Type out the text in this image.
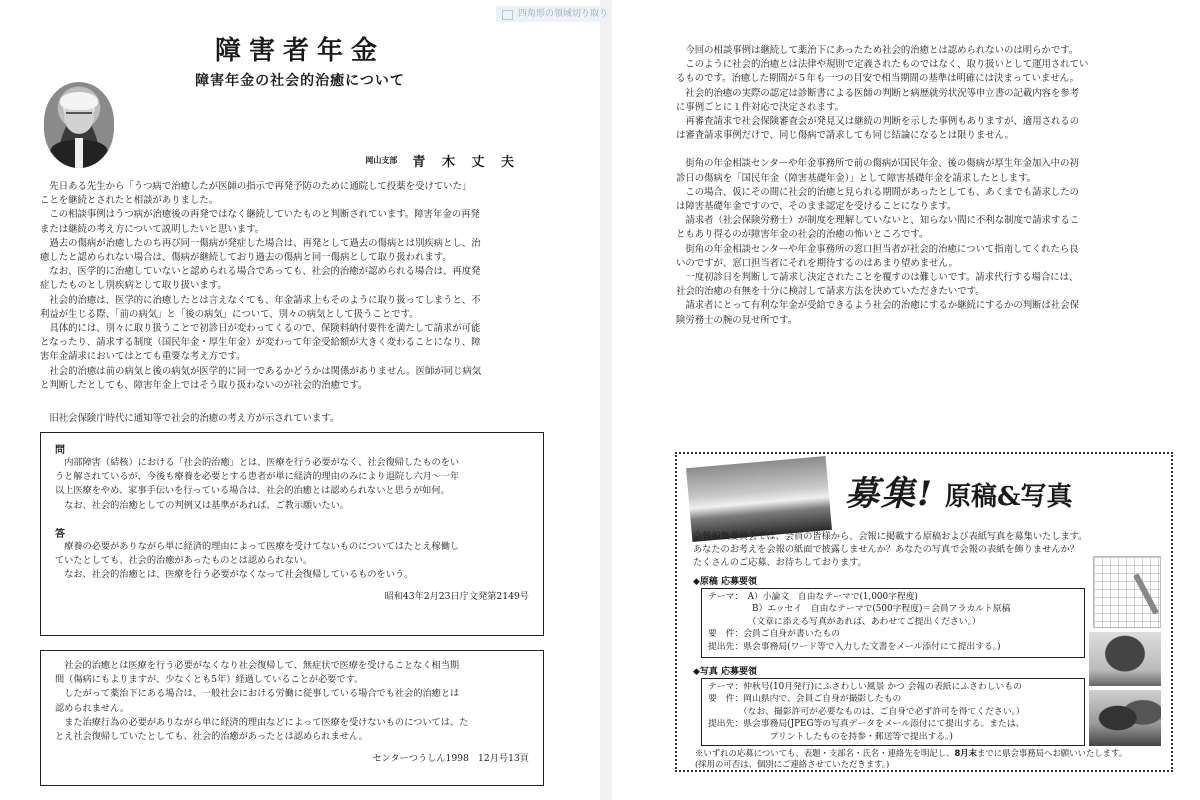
障害者年金
障害年金の社会的治癒について
岡山支部 青 木 丈 夫

先日ある先生から「うつ病で治癒したが医師の指示で再発予防のために通院して投薬を受けていた」

ことを継続とされたと相談がありました。

この相談事例はうつ病が治癒後の再発ではなく継続していたものと判断されています。障害年金の再発

または継続の考え方について説明したいと思います。

過去の傷病が治癒したのち再び同一傷病が発症した場合は、再発として過去の傷病とは別疾病とし、治

癒したと認められない場合は、傷病が継続しており過去の傷病と同一傷病として取り扱われます。

なお、医学的に治癒していないと認められる場合であっても、社会的治癒が認められる場合は、再度発

症したものとし別疾病として取り扱います。

社会的治癒は、医学的に治癒したとは言えなくても、年金請求上もそのように取り扱ってしまうと、不

利益が生じる際、「前の病気」と「後の病気」について、別々の病気として扱うことです。

具体的には、別々に取り扱うことで初診日が変わってくるので、保険料納付要件を満たして請求が可能

となったり、請求する制度（国民年金・厚生年金）が変わって年金受給額が大きく変わることになり、障

害年金請求においてはとても重要な考え方です。

社会的治癒は前の病気と後の病気が医学的に同一であるかどうかは関係がありません。医師が同じ病気

と判断したとしても、障害年金上ではそう取り扱わないのが社会的治癒です。

旧社会保険庁時代に通知等で社会的治癒の考え方が示されています。

問

内部障害（結核）における「社会的治癒」とは、医療を行う必要がなく、社会復帰したものをい

うと解されているが、今後も療養を必要とする患者が単に経済的理由のみにより退院し六月～一年

以上医療をやめ、家事手伝いを行っている場合は、社会的治癒とは認められないと思うが如何。

なお、社会的治癒としての判例又は基準があれば、ご教示願いたい。

答

療養の必要がありながら単に経済的理由によって医療を受けてないものについてはたとえ稼働し

ていたとしても、社会的治癒があったものとは認められない。

なお、社会的治癒とは、医療を行う必要がなくなって社会復帰しているものをいう。

昭和43年2月23日庁文発第2149号

社会的治癒とは医療を行う必要がなくなり社会復帰して、無症状で医療を受けることなく相当期

間（傷病にもよりますが、少なくとも5年）経過していることが必要です。

したがって薬治下にある場合は、一般社会における労働に従事している場合でも社会的治癒とは

認められません。

また治療行為の必要がありながら単に経済的理由などによって医療を受けないものについては、た

とえ社会復帰していたとしても、社会的治癒があったとは認められません。

センターつうしん1998　12月号13頁

四角形の領域切り取り

今回の相談事例は継続して薬治下にあったため社会的治癒とは認められないのは明らかです。

このように社会的治癒とは法律や規則で定義されたものではなく、取り扱いとして運用されてい

るものです。治癒した期間が５年も一つの目安で相当期間の基準は明確には決まっていません。

社会的治癒の実際の認定は診断書による医師の判断と病歴就労状況等申立書の記載内容を参考

に事例ごとに１件対応で決定されます。

再審査請求で社会保険審査会が発見又は継続の判断を示した事例もありますが、適用されるの

は審査請求事例だけで、同じ傷病で請求しても同じ結論になるとは限りません。

街角の年金相談センターや年金事務所で前の傷病が国民年金、後の傷病が厚生年金加入中の初

診日の傷病を「国民年金（障害基礎年金）」として障害基礎年金を請求したとします。

この場合、仮にその間に社会的治癒と見られる期間があったとしても、あくまでも請求したの

は障害基礎年金ですので、そのまま認定を受けることになります。

請求者（社会保険労務士）が制度を理解していないと、知らない間に不利な制度で請求するこ

ともあり得るのが障害年金の社会的治癒の怖いところです。

街角の年金相談センターや年金事務所の窓口担当者が社会的治癒について指南してくれたら良

いのですが、窓口担当者にそれを期待するのはあまり望めません。

一度初診日を判断して請求し決定されたことを覆すのは難しいです。請求代行する場合には、

社会的治癒の有無を十分に検討して請求方法を決めていただきたいです。

請求者にとって有利な年金が受給できるよう社会的治癒にするか継続にするかの判断は社会保

険労務士の腕の見せ所です。

募集! 原稿&写真

会報編集委員会では、会員の皆様から、会報に掲載する原稿および表紙写真を募集いたします。

あなたのお考えを会報の紙面で披露しませんか？あなたの写真で会報の表紙を飾りませんか？

たくさんのご応募、お待ちしております。

◆原稿 応募要領

テーマ：　A）小論文　自由なテーマで(1,000字程度)

　　　　　B）エッセイ　自由なテーマで(500字程度)＝会員アラカルト原稿

　　　　　（文章に添える写真があれば、あわせてご提出ください。）

要　件：会員ご自身が書いたもの

提出先：県会事務局(ワード等で入力した文書をメール添付にて提出する。)

◆写真 応募要領

テーマ：仲秋号(10月発行)にふさわしい風景 かつ 会報の表紙にふさわしいもの

要　件：岡山県内で、会員ご自身が撮影したもの

　　　　（なお、撮影許可が必要なものは、ご自身で必ず許可を得てください。）

提出先：県会事務局(JPEG等の写真データをメール添付にて提出する。または、

　　　　　　　プリントしたものを持参・郵送等で提出する。)

※いずれの応募についても、表題・支部名・氏名・連絡先を明記し、8月末までに県会事務局へお願いいたします。

(採用の可否は、個別にご連絡させていただきます。)
